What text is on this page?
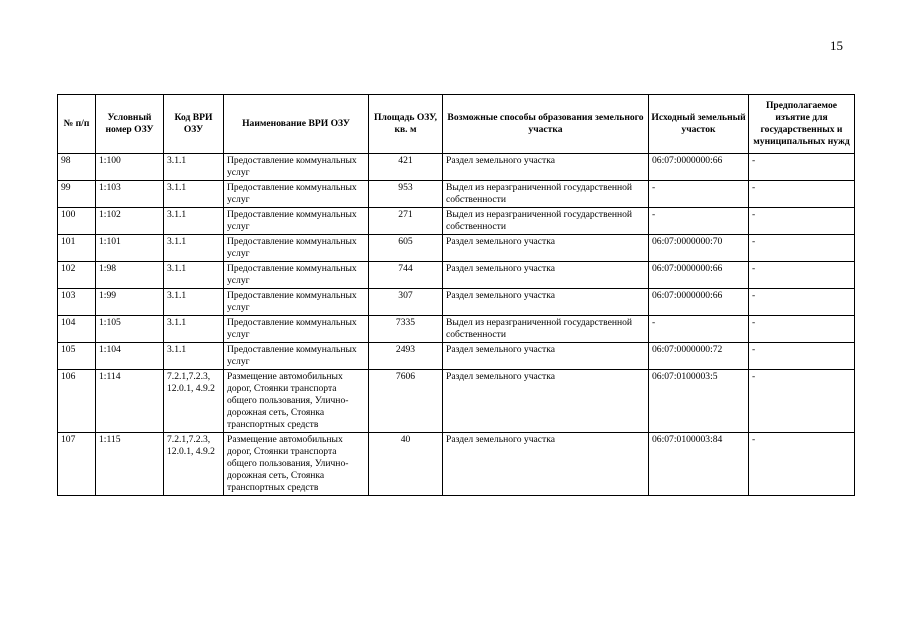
15
№ п/п	Условный номер ОЗУ	Код ВРИ ОЗУ	Наименование ВРИ ОЗУ	Площадь ОЗУ, кв. м	Возможные способы образования земельного участка	Исходный земельный участок	Предполагаемое изъятие для государственных и муниципальных нужд
98	1:100	3.1.1	Предоставление коммунальных услуг	421	Раздел земельного участка	06:07:0000000:66	-
99	1:103	3.1.1	Предоставление коммунальных услуг	953	Выдел из неразграниченной государственной собственности	-	-
100	1:102	3.1.1	Предоставление коммунальных услуг	271	Выдел из неразграниченной государственной собственности	-	-
101	1:101	3.1.1	Предоставление коммунальных услуг	605	Раздел земельного участка	06:07:0000000:70	-
102	1:98	3.1.1	Предоставление коммунальных услуг	744	Раздел земельного участка	06:07:0000000:66	-
103	1:99	3.1.1	Предоставление коммунальных услуг	307	Раздел земельного участка	06:07:0000000:66	-
104	1:105	3.1.1	Предоставление коммунальных услуг	7335	Выдел из неразграниченной государственной собственности	-	-
105	1:104	3.1.1	Предоставление коммунальных услуг	2493	Раздел земельного участка	06:07:0000000:72	-
106	1:114	7.2.1,7.2.3, 12.0.1, 4.9.2	Размещение автомобильных дорог, Стоянки транспорта общего пользования, Улично-дорожная сеть, Стоянка транспортных средств	7606	Раздел земельного участка	06:07:0100003:5	-
107	1:115	7.2.1,7.2.3, 12.0.1, 4.9.2	Размещение автомобильных дорог, Стоянки транспорта общего пользования, Улично-дорожная сеть, Стоянка транспортных средств	40	Раздел земельного участка	06:07:0100003:84	-
